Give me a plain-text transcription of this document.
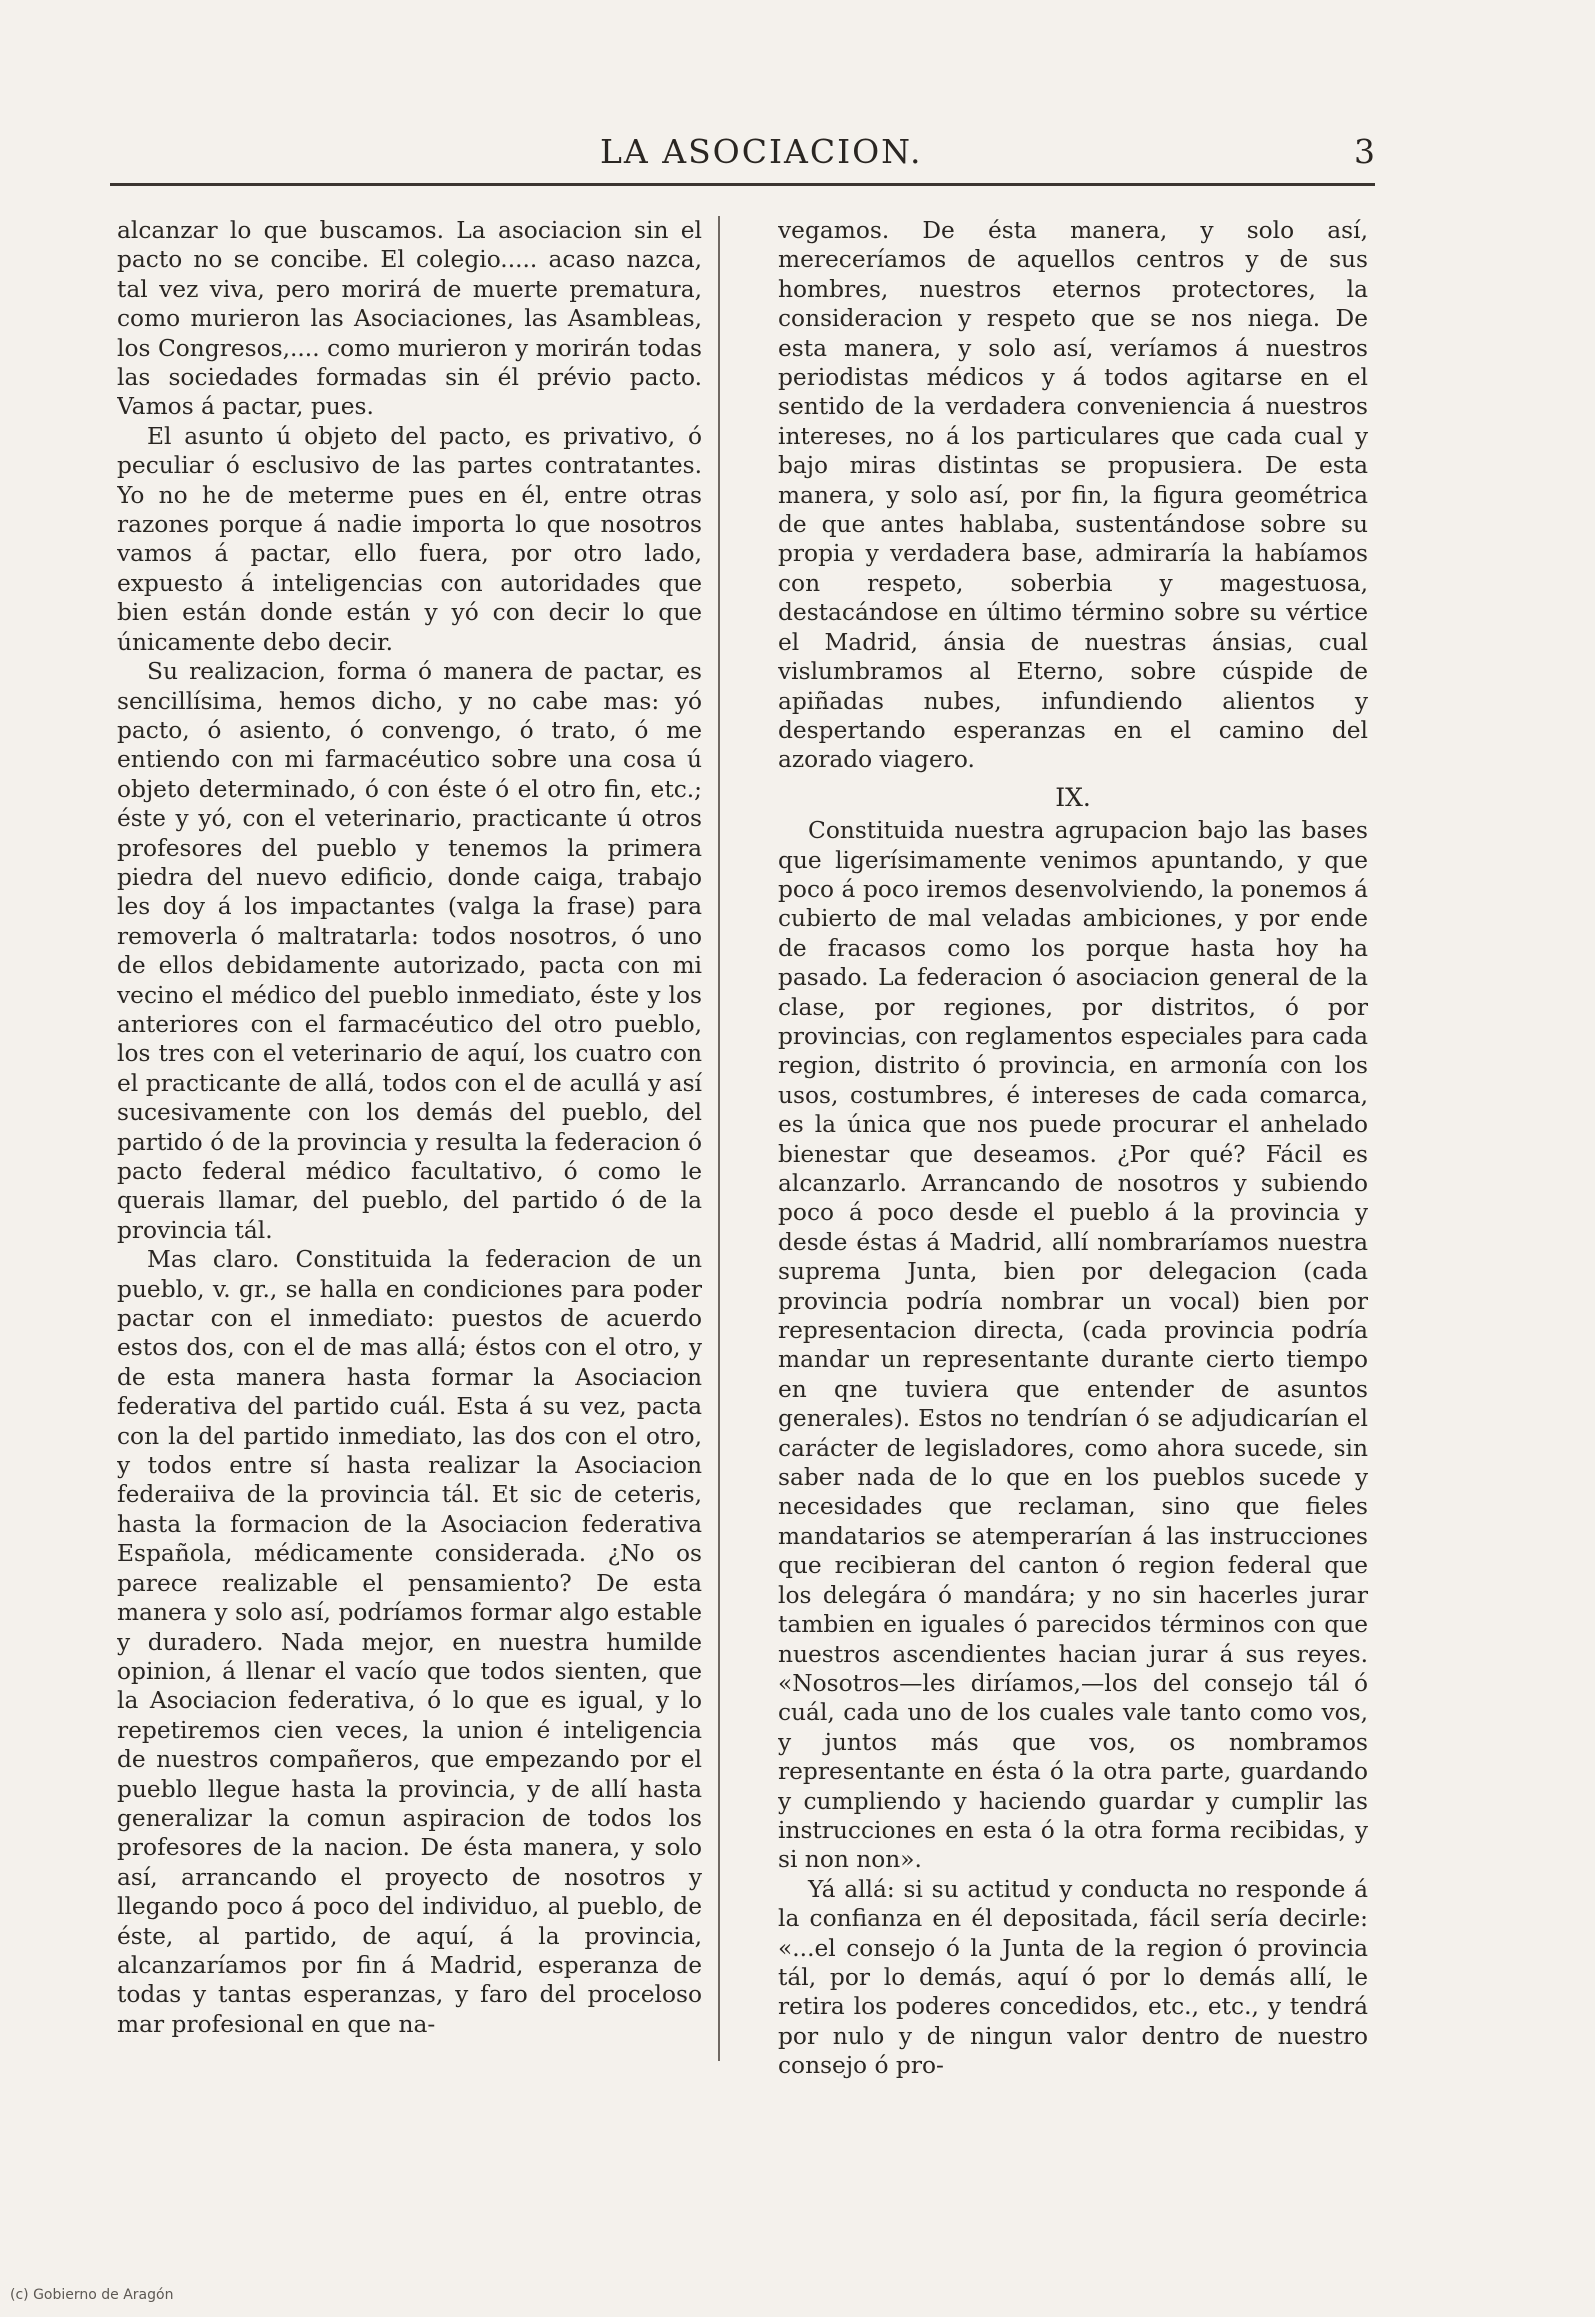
LA ASOCIACION.	3

alcanzar lo que buscamos. La asociacion sin el pacto no se concibe. El colegio..... acaso nazca, tal vez viva, pero morirá de muerte prematura, como murieron las Asociaciones, las Asambleas, los Congresos,.... como murieron y morirán todas las sociedades formadas sin él prévio pacto. Vamos á pactar, pues.

El asunto ú objeto del pacto, es privativo, ó peculiar ó esclusivo de las partes contratantes. Yo no he de meterme pues en él, entre otras razones porque á nadie importa lo que nosotros vamos á pactar, ello fuera, por otro lado, expuesto á inteligencias con autoridades que bien están donde están y yó con decir lo que únicamente debo decir.

Su realizacion, forma ó manera de pactar, es sencillísima, hemos dicho, y no cabe mas: yó pacto, ó asiento, ó convengo, ó trato, ó me entiendo con mi farmacéutico sobre una cosa ú objeto determinado, ó con éste ó el otro fin, etc.; éste y yó, con el veterinario, practicante ú otros profesores del pueblo y tenemos la primera piedra del nuevo edificio, donde caiga, trabajo les doy á los impactantes (valga la frase) para removerla ó maltratarla: todos nosotros, ó uno de ellos debidamente autorizado, pacta con mi vecino el médico del pueblo inmediato, éste y los anteriores con el farmacéutico del otro pueblo, los tres con el veterinario de aquí, los cuatro con el practicante de allá, todos con el de acullá y así sucesivamente con los demás del pueblo, del partido ó de la provincia y resulta la federacion ó pacto federal médico facultativo, ó como le querais llamar, del pueblo, del partido ó de la provincia tál.

Mas claro. Constituida la federacion de un pueblo, v. gr., se halla en condiciones para poder pactar con el inmediato: puestos de acuerdo estos dos, con el de mas allá; éstos con el otro, y de esta manera hasta formar la Asociacion federativa del partido cuál. Esta á su vez, pacta con la del partido inmediato, las dos con el otro, y todos entre sí hasta realizar la Asociacion federaiiva de la provincia tál. Et sic de ceteris, hasta la formacion de la Asociacion federativa Española, médicamente considerada. ¿No os parece realizable el pensamiento? De esta manera y solo así, podríamos formar algo estable y duradero. Nada mejor, en nuestra humilde opinion, á llenar el vacío que todos sienten, que la Asociacion federativa, ó lo que es igual, y lo repetiremos cien veces, la union é inteligencia de nuestros compañeros, que empezando por el pueblo llegue hasta la provincia, y de allí hasta generalizar la comun aspiracion de todos los profesores de la nacion. De ésta manera, y solo así, arrancando el proyecto de nosotros y llegando poco á poco del individuo, al pueblo, de éste, al partido, de aquí, á la provincia, alcanzaríamos por fin á Madrid, esperanza de todas y tantas esperanzas, y faro del proceloso mar profesional en que na-

vegamos. De ésta manera, y solo así, mereceríamos de aquellos centros y de sus hombres, nuestros eternos protectores, la consideracion y respeto que se nos niega. De esta manera, y solo así, veríamos á nuestros periodistas médicos y á todos agitarse en el sentido de la verdadera conveniencia á nuestros intereses, no á los particulares que cada cual y bajo miras distintas se propusiera. De esta manera, y solo así, por fin, la figura geométrica de que antes hablaba, sustentándose sobre su propia y verdadera base, admiraría la habíamos con respeto, soberbia y magestuosa, destacándose en último término sobre su vértice el Madrid, ánsia de nuestras ánsias, cual vislumbramos al Eterno, sobre cúspide de apiñadas nubes, infundiendo alientos y despertando esperanzas en el camino del azorado viagero.

IX.

Constituida nuestra agrupacion bajo las bases que ligerísimamente venimos apuntando, y que poco á poco iremos desenvolviendo, la ponemos á cubierto de mal veladas ambiciones, y por ende de fracasos como los porque hasta hoy ha pasado. La federacion ó asociacion general de la clase, por regiones, por distritos, ó por provincias, con reglamentos especiales para cada region, distrito ó provincia, en armonía con los usos, costumbres, é intereses de cada comarca, es la única que nos puede procurar el anhelado bienestar que deseamos. ¿Por qué? Fácil es alcanzarlo. Arrancando de nosotros y subiendo poco á poco desde el pueblo á la provincia y desde éstas á Madrid, allí nombraríamos nuestra suprema Junta, bien por delegacion (cada provincia podría nombrar un vocal) bien por representacion directa, (cada provincia podría mandar un representante durante cierto tiempo en qne tuviera que entender de asuntos generales). Estos no tendrían ó se adjudicarían el carácter de legisladores, como ahora sucede, sin saber nada de lo que en los pueblos sucede y necesidades que reclaman, sino que fieles mandatarios se atemperarían á las instrucciones que recibieran del canton ó region federal que los delegára ó mandára; y no sin hacerles jurar tambien en iguales ó parecidos términos con que nuestros ascendientes hacian jurar á sus reyes. «Nosotros—les diríamos,—los del consejo tál ó cuál, cada uno de los cuales vale tanto como vos, y juntos más que vos, os nombramos representante en ésta ó la otra parte, guardando y cumpliendo y haciendo guardar y cumplir las instrucciones en esta ó la otra forma recibidas, y si non non».

Yá allá: si su actitud y conducta no responde á la confianza en él depositada, fácil sería decirle: «...el consejo ó la Junta de la region ó provincia tál, por lo demás, aquí ó por lo demás allí, le retira los poderes concedidos, etc., etc., y tendrá por nulo y de ningun valor dentro de nuestro consejo ó pro-

(c) Gobierno de Aragón
